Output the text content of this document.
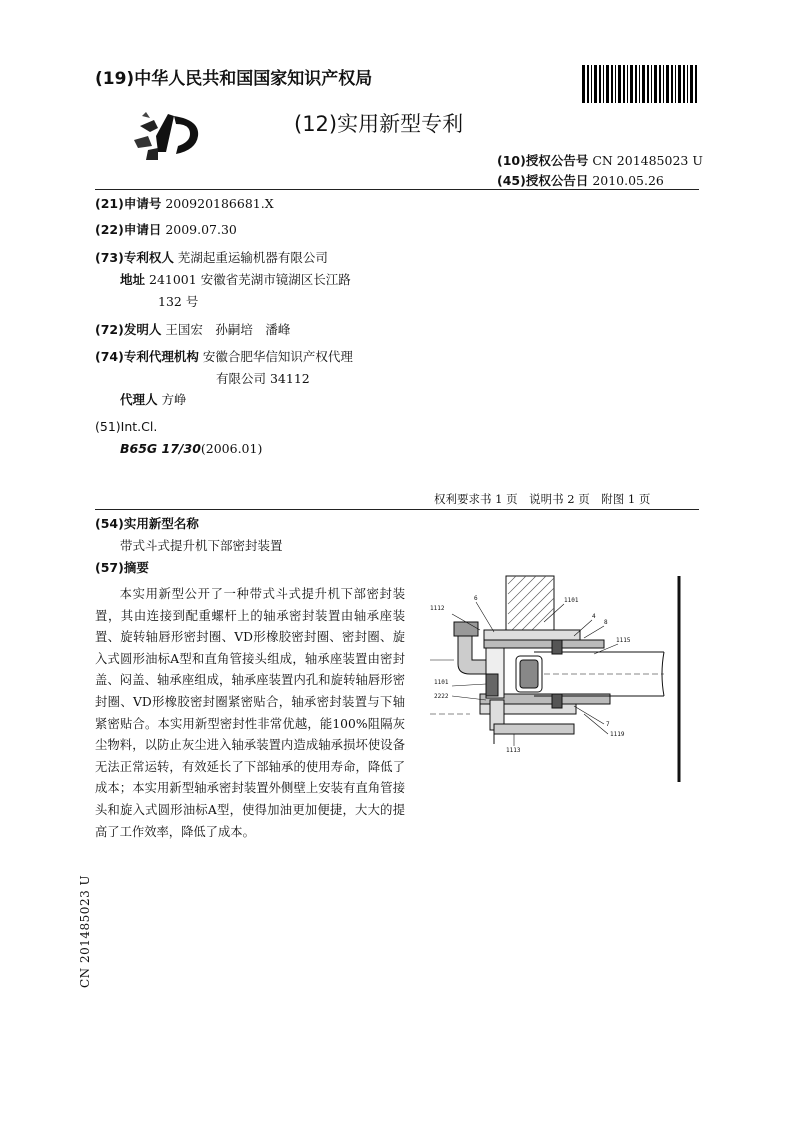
(19)中华人民共和国国家知识产权局
(12)实用新型专利
(10)授权公告号 CN 201485023 U
(45)授权公告日 2010.05.26
(21)申请号 200920186681.X
(22)申请日 2009.07.30
(73)专利权人 芜湖起重运输机器有限公司
地址 241001 安徽省芜湖市镜湖区长江路
132 号
(72)发明人 王国宏　孙嗣培　潘峰
(74)专利代理机构 安徽合肥华信知识产权代理
有限公司 34112
代理人 方峥
(51)Int.Cl.
B65G 17/30(2006.01)
权利要求书 1 页　说明书 2 页　附图 1 页
(54)实用新型名称
带式斗式提升机下部密封装置
(57)摘要

本实用新型公开了一种带式斗式提升机下部密封装置，其由连接到配重螺杆上的轴承密封装置由轴承座装置、旋转轴唇形密封圈、VD形橡胶密封圈、密封圈、旋入式圆形油标A型和直角管接头组成，轴承座装置由密封盖、闷盖、轴承座组成，轴承座装置内孔和旋转轴唇形密封圈、VD形橡胶密封圈紧密贴合，轴承密封装置与下轴紧密贴合。本实用新型密封性非常优越，能100%阻隔灰尘物料，以防止灰尘进入轴承装置内造成轴承损坏使设备无法正常运转，有效延长了下部轴承的使用寿命，降低了成本；本实用新型轴承密封装置外侧壁上安装有直角管接头和旋入式圆形油标A型，使得加油更加便捷，大大的提高了工作效率，降低了成本。

CN 201485023 U
1112
6	1101
4
8
1115
1101
2222
7
1119
1113
